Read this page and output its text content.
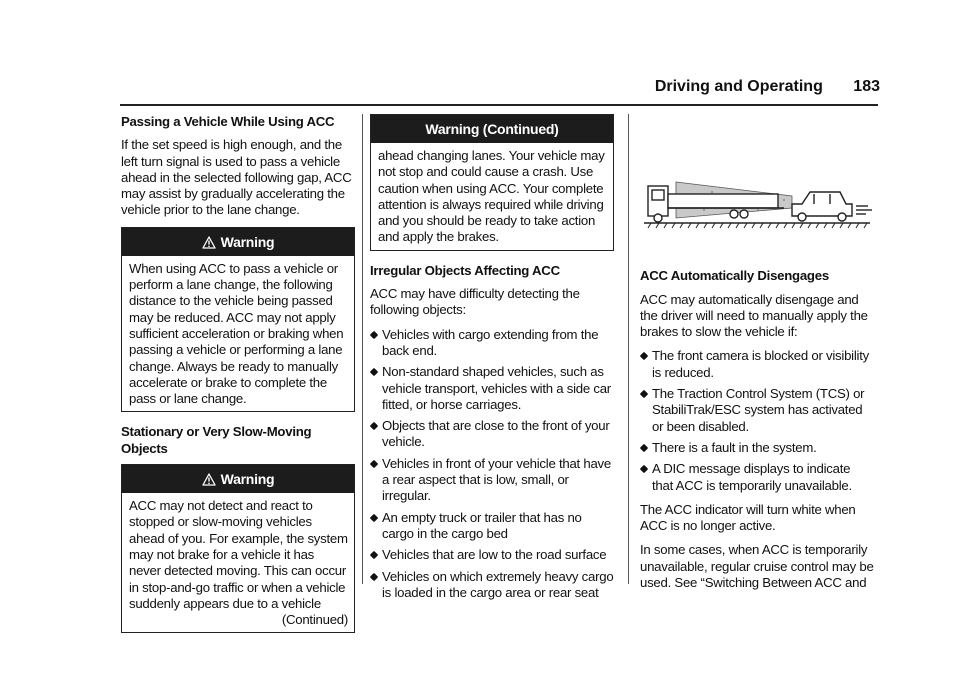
Driving and Operating 183
Passing a Vehicle While Using ACC

If the set speed is high enough, and the left turn signal is used to pass a vehicle ahead in the selected following gap, ACC may assist by gradually accelerating the vehicle prior to the lane change.

Warning
When using ACC to pass a vehicle or perform a lane change, the following distance to the vehicle being passed may be reduced. ACC may not apply sufficient acceleration or braking when passing a vehicle or performing a lane change. Always be ready to manually accelerate or brake to complete the pass or lane change.
Stationary or Very Slow-Moving Objects
Warning
ACC may not detect and react to stopped or slow-moving vehicles ahead of you. For example, the system may not brake for a vehicle it has never detected moving. This can occur in stop-and-go traffic or when a vehicle suddenly appears due to a vehicle
(Continued)
Warning (Continued)
ahead changing lanes. Your vehicle may not stop and could cause a crash. Use caution when using ACC. Your complete attention is always required while driving and you should be ready to take action and apply the brakes.
Irregular Objects Affecting ACC

ACC may have difficulty detecting the following objects:

Vehicles with cargo extending from the back end.
Non-standard shaped vehicles, such as vehicle transport, vehicles with a side car fitted, or horse carriages.
Objects that are close to the front of your vehicle.
Vehicles in front of your vehicle that have a rear aspect that is low, small, or irregular.
An empty truck or trailer that has no cargo in the cargo bed
Vehicles that are low to the road surface
Vehicles on which extremely heavy cargo is loaded in the cargo area or rear seat
ACC Automatically Disengages

ACC may automatically disengage and the driver will need to manually apply the brakes to slow the vehicle if:

The front camera is blocked or visibility is reduced.
The Traction Control System (TCS) or StabiliTrak/ESC system has activated or been disabled.
There is a fault in the system.
A DIC message displays to indicate that ACC is temporarily unavailable.

The ACC indicator will turn white when ACC is no longer active.

In some cases, when ACC is temporarily unavailable, regular cruise control may be used. See “Switching Between ACC and
